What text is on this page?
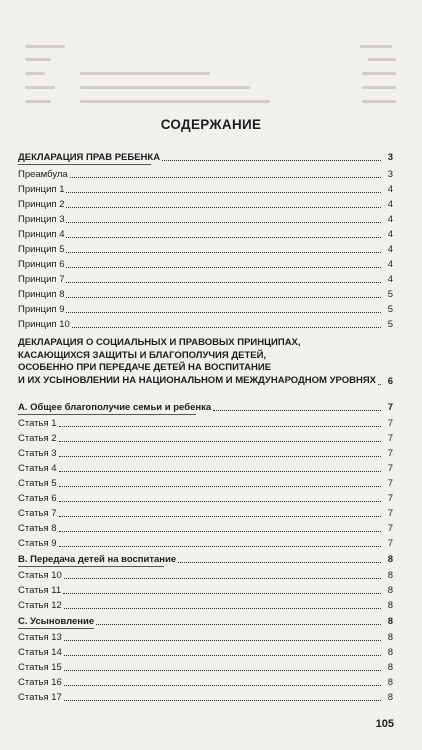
СОДЕРЖАНИЕ
ДЕКЛАРАЦИЯ ПРАВ РЕБЕНКА	3
Преамбула	3
Принцип 1	4
Принцип 2	4
Принцип 3	4
Принцип 4	4
Принцип 5	4
Принцип 6	4
Принцип 7	4
Принцип 8	5
Принцип 9	5
Принцип 10	5
ДЕКЛАРАЦИЯ О СОЦИАЛЬНЫХ И ПРАВОВЫХ ПРИНЦИПАХ,
КАСАЮЩИХСЯ ЗАЩИТЫ И БЛАГОПОЛУЧИЯ ДЕТЕЙ,
ОСОБЕННО ПРИ ПЕРЕДАЧЕ ДЕТЕЙ НА ВОСПИТАНИЕ
И ИХ УСЫНОВЛЕНИИ НА НАЦИОНАЛЬНОМ И МЕЖДУНАРОДНОМ УРОВНЯХ	6
A. Общее благополучие семьи и ребенка	7
Статья 1	7
Статья 2	7
Статья 3	7
Статья 4	7
Статья 5	7
Статья 6	7
Статья 7	7
Статья 8	7
Статья 9	7
B. Передача детей на воспитание	8
Статья 10	8
Статья 11	8
Статья 12	8
C. Усыновление	8
Статья 13	8
Статья 14	8
Статья 15	8
Статья 16	8
Статья 17	8
105
